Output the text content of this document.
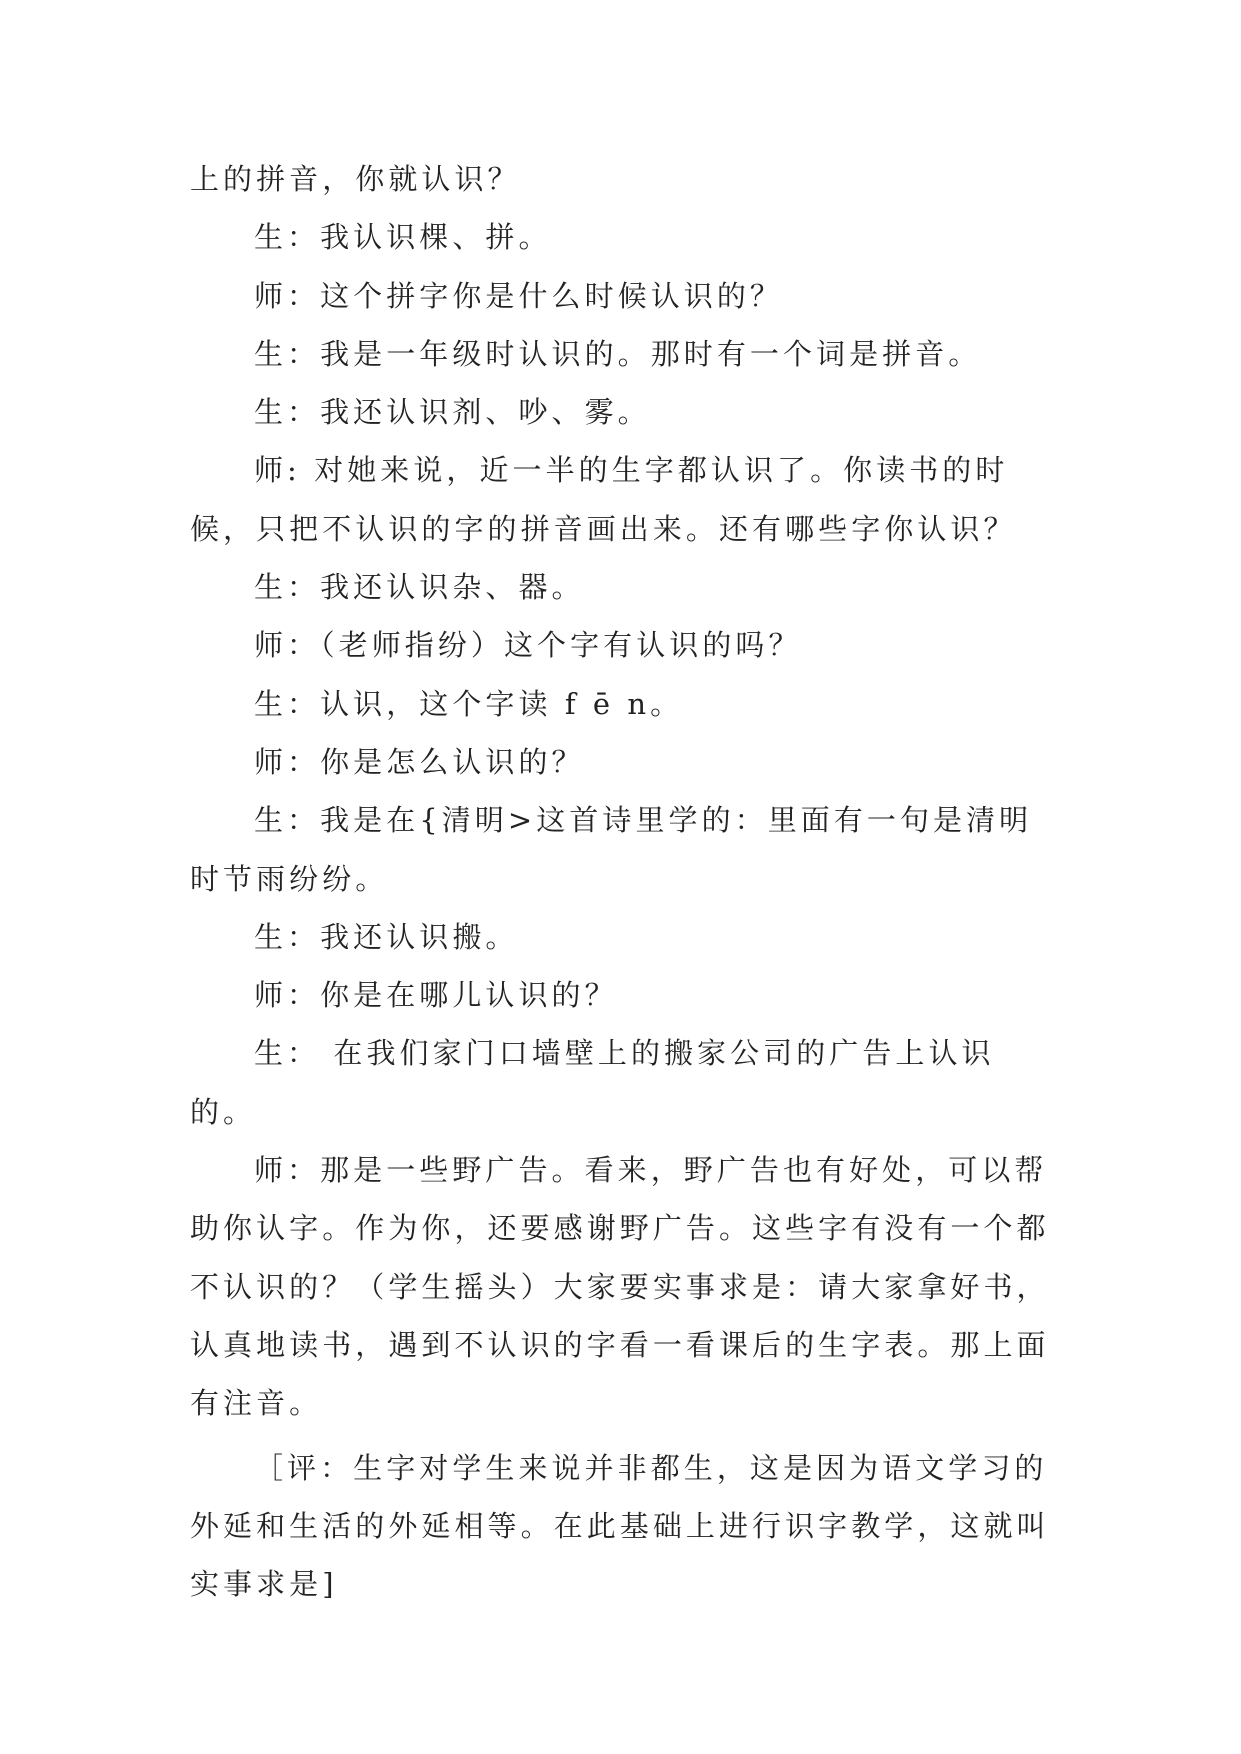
上的拼音，你就认识？

生：我认识棵、拼。

师：这个拼字你是什么时候认识的？

生：我是一年级时认识的。那时有一个词是拼音。

生：我还认识剂、吵、雾。

师: 对她来说，近一半的生字都认识了。你读书的时候，只把不认识的字的拼音画出来。还有哪些字你认识？

生：我还认识杂、器。

师：（老师指纷）这个字有认识的吗？

生：认识，这个字读 f ē n。

师：你是怎么认识的？

生：我是在{清明>这首诗里学的：里面有一句是清明时节雨纷纷。

生：我还认识搬。

师：你是在哪儿认识的？

生： 在我们家门口墙壁上的搬家公司的广告上认识的。

师：那是一些野广告。看来，野广告也有好处，可以帮助你认字。作为你，还要感谢野广告。这些字有没有一个都不认识的？（学生摇头）大家要实事求是：请大家拿好书，认真地读书，遇到不认识的字看一看课后的生字表。那上面有注音。

［评：生字对学生来说并非都生，这是因为语文学习的外延和生活的外延相等。在此基础上进行识字教学，这就叫实事求是]
